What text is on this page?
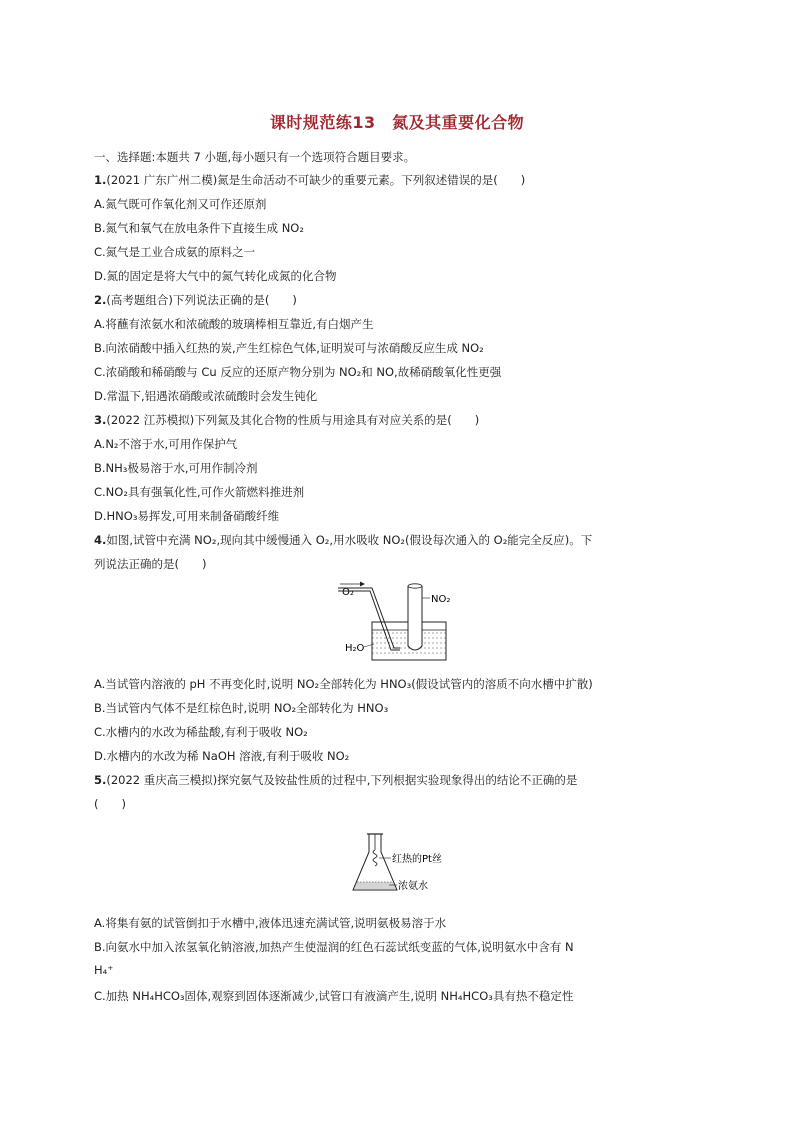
课时规范练13　氮及其重要化合物
一、选择题:本题共 7 小题,每小题只有一个选项符合题目要求。
1.(2021 广东广州二模)氮是生命活动不可缺少的重要元素。下列叙述错误的是(　　)
A.氮气既可作氧化剂又可作还原剂
B.氮气和氧气在放电条件下直接生成 NO₂
C.氮气是工业合成氨的原料之一
D.氮的固定是将大气中的氮气转化成氮的化合物
2.(高考题组合)下列说法正确的是(　　)
A.将蘸有浓氨水和浓硫酸的玻璃棒相互靠近,有白烟产生
B.向浓硝酸中插入红热的炭,产生红棕色气体,证明炭可与浓硝酸反应生成 NO₂
C.浓硝酸和稀硝酸与 Cu 反应的还原产物分别为 NO₂和 NO,故稀硝酸氧化性更强
D.常温下,铝遇浓硝酸或浓硫酸时会发生钝化
3.(2022 江苏模拟)下列氮及其化合物的性质与用途具有对应关系的是(　　)
A.N₂不溶于水,可用作保护气
B.NH₃极易溶于水,可用作制冷剂
C.NO₂具有强氧化性,可作火箭燃料推进剂
D.HNO₃易挥发,可用来制备硝酸纤维
4.如图,试管中充满 NO₂,现向其中缓慢通入 O₂,用水吸收 NO₂(假设每次通入的 O₂能完全反应)。下
列说法正确的是(　　)
O₂
NO₂
H₂O
A.当试管内溶液的 pH 不再变化时,说明 NO₂全部转化为 HNO₃(假设试管内的溶质不向水槽中扩散)
B.当试管内气体不是红棕色时,说明 NO₂全部转化为 HNO₃
C.水槽内的水改为稀盐酸,有利于吸收 NO₂
D.水槽内的水改为稀 NaOH 溶液,有利于吸收 NO₂
5.(2022 重庆高三模拟)探究氨气及铵盐性质的过程中,下列根据实验现象得出的结论不正确的是
(　　)
红热的Pt丝
浓氨水
A.将集有氨的试管倒扣于水槽中,液体迅速充满试管,说明氨极易溶于水
B.向氨水中加入浓氢氧化钠溶液,加热产生使湿润的红色石蕊试纸变蓝的气体,说明氨水中含有 N
H₄⁺
C.加热 NH₄HCO₃固体,观察到固体逐渐减少,试管口有液滴产生,说明 NH₄HCO₃具有热不稳定性
